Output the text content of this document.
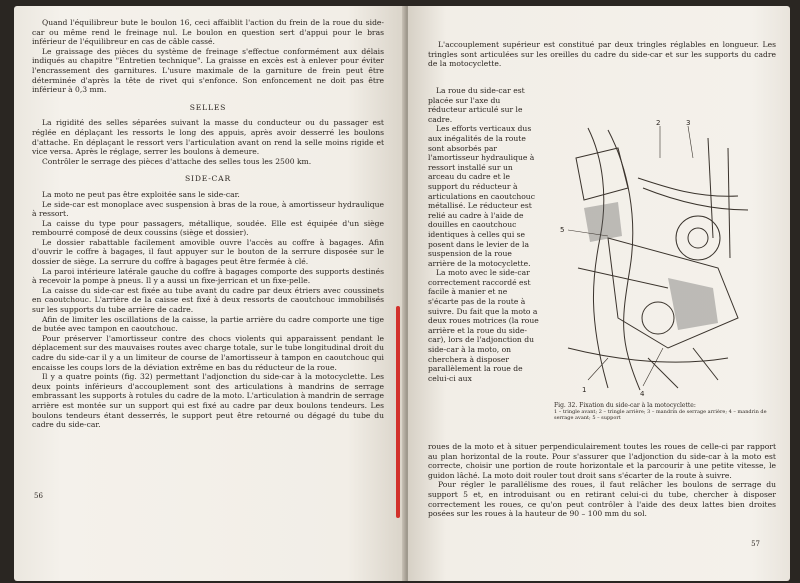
Quand l'équilibreur bute le boulon 16, ceci affaiblit l'action du frein de la roue du side-car ou même rend le freinage nul. Le boulon en question sert d'appui pour le bras inférieur de l'équilibreur en cas de câble cassé.

Le graissage des pièces du système de freinage s'effectue conformément aux délais indiqués au chapitre "Entretien technique". La graisse en excès est à enlever pour éviter l'encrassement des garnitures. L'usure maximale de la garniture de frein peut être déterminée d'après la tête de rivet qui s'enfonce. Son enfoncement ne doit pas être inférieur à 0,3 mm.

SELLES

La rigidité des selles séparées suivant la masse du conducteur ou du passager est réglée en déplaçant les ressorts le long des appuis, après avoir desserré les boulons d'attache. En déplaçant le ressort vers l'articulation avant on rend la selle moins rigide et vice versa. Après le réglage, serrer les boulons à demeure.

Contrôler le serrage des pièces d'attache des selles tous les 2500 km.

SIDE-CAR

La moto ne peut pas être exploitée sans le side-car.

Le side-car est monoplace avec suspension à bras de la roue, à amortisseur hydraulique à ressort.

La caisse du type pour passagers, métallique, soudée. Elle est équipée d'un siège rembourré composé de deux coussins (siège et dossier).

Le dossier rabattable facilement amovible ouvre l'accès au coffre à bagages. Afin d'ouvrir le coffre à bagages, il faut appuyer sur le bouton de la serrure disposée sur le dossier de siège. La serrure du coffre à bagages peut être fermée à clé.

La paroi intérieure latérale gauche du coffre à bagages comporte des supports destinés à recevoir la pompe à pneus. Il y a aussi un fixe-jerrican et un fixe-pelle.

La caisse du side-car est fixée au tube avant du cadre par deux étriers avec coussinets en caoutchouc. L'arrière de la caisse est fixé à deux ressorts de caoutchouc immobilisés sur les supports du tube arrière de cadre.

Afin de limiter les oscillations de la caisse, la partie arrière du cadre comporte une tige de butée avec tampon en caoutchouc.

Pour préserver l'amortisseur contre des chocs violents qui apparaissent pendant le déplacement sur des mauvaises routes avec charge totale, sur le tube longitudinal droit du cadre du side-car il y a un limiteur de course de l'amortisseur à tampon en caoutchouc qui encaisse les coups lors de la déviation extrême en bas du réducteur de la roue.

Il y a quatre points (fig. 32) permettant l'adjonction du side-car à la motocyclette. Les deux points inférieurs d'accouplement sont des articulations à mandrins de serrage embrassant les supports à rotules du cadre de la moto. L'articulation à mandrin de serrage arrière est montée sur un support qui est fixé au cadre par deux boulons tendeurs. Les boulons tendeurs étant desserrés, le support peut être retourné ou dégagé du tube du cadre du side-car.

56

L'accouplement supérieur est constitué par deux tringles réglables en longueur. Les tringles sont articulées sur les oreilles du cadre du side-car et sur les supports du cadre de la motocyclette.

La roue du side-car est placée sur l'axe du réducteur articulé sur le cadre.

Les efforts verticaux dus aux inégalités de la route sont absorbés par l'amortisseur hydraulique à ressort installé sur un arceau du cadre et le support du réducteur à articulations en caoutchouc métallisé. Le réducteur est relié au cadre à l'aide de douilles en caoutchouc identiques à celles qui se posent dans le levier de la suspension de la roue arrière de la motocyclette.

La moto avec le side-car correctement raccordé est facile à manier et ne s'écarte pas de la route à suivre. Du fait que la moto a deux roues motrices (la roue arrière et la roue du side-car), lors de l'adjonction du side-car à la moto, on cherchera à disposer parallèlement la roue de celui-ci aux

2	3
5
1	4
Fig. 32. Fixation du side-car à la motocyclette:
1 – tringle avant; 2 – tringle arrière; 3 – mandrin de serrage arrière; 4 – mandrin de serrage avant; 5 – support

roues de la moto et à situer perpendiculairement toutes les roues de celle-ci par rapport au plan horizontal de la route. Pour s'assurer que l'adjonction du side-car à la moto est correcte, choisir une portion de route horizontale et la parcourir à une petite vitesse, le guidon lâché. La moto doit rouler tout droit sans s'écarter de la route à suivre.

Pour régler le parallélisme des roues, il faut relâcher les boulons de serrage du support 5 et, en introduisant ou en retirant celui-ci du tube, chercher à disposer correctement les roues, ce qu'on peut contrôler à l'aide des deux lattes bien droites posées sur les roues à la hauteur de 90 – 100 mm du sol.

57
